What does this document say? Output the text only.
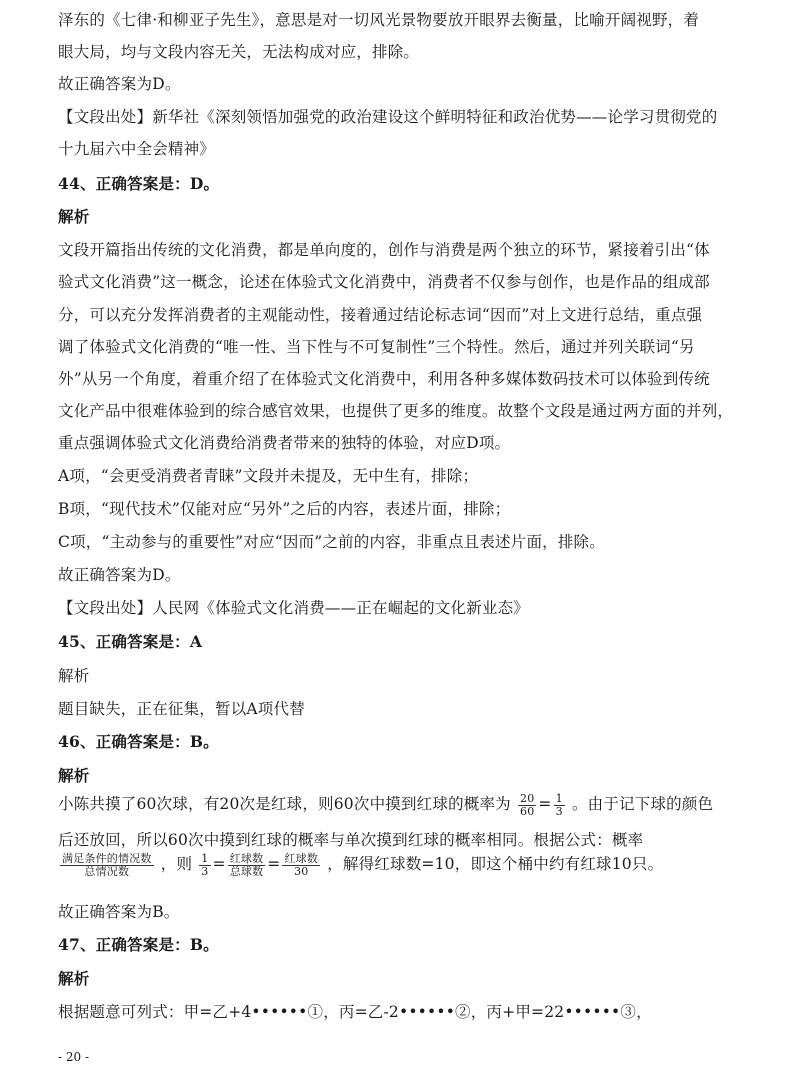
泽东的《七律·和柳亚子先生》，意思是对一切风光景物要放开眼界去衡量，比喻开阔视野，着
眼大局，均与文段内容无关，无法构成对应，排除。
故正确答案为D。
【文段出处】新华社《深刻领悟加强党的政治建设这个鲜明特征和政治优势——论学习贯彻党的
十九届六中全会精神》
44、正确答案是：D。
解析
文段开篇指出传统的文化消费，都是单向度的，创作与消费是两个独立的环节，紧接着引出“体
验式文化消费”这一概念，论述在体验式文化消费中，消费者不仅参与创作，也是作品的组成部
分，可以充分发挥消费者的主观能动性，接着通过结论标志词“因而”对上文进行总结，重点强
调了体验式文化消费的“唯一性、当下性与不可复制性”三个特性。然后，通过并列关联词“另
外”从另一个角度，着重介绍了在体验式文化消费中，利用各种多媒体数码技术可以体验到传统
文化产品中很难体验到的综合感官效果，也提供了更多的维度。故整个文段是通过两方面的并列，
重点强调体验式文化消费给消费者带来的独特的体验，对应D项。
A项，“会更受消费者青睐”文段并未提及，无中生有，排除；
B项，“现代技术”仅能对应“另外”之后的内容，表述片面，排除；
C项，“主动参与的重要性”对应“因而”之前的内容，非重点且表述片面，排除。
故正确答案为D。
【文段出处】人民网《体验式文化消费——正在崛起的文化新业态》
45、正确答案是：A
解析
题目缺失，正在征集，暂以A项代替
46、正确答案是：B。
解析
小陈共摸了60次球，有20次是红球，则60次中摸到红球的概率为 $\frac{20}{60} = \frac{1}{3}$ 。由于记下球的颜色
后还放回，所以60次中摸到红球的概率与单次摸到红球的概率相同。根据公式：概率
$\frac{\text{满足条件的情况数}}{\text{总情况数}}$ ，则 $\frac{1}{3} = \frac{\text{红球数}}{\text{总球数}} = \frac{\text{红球数}}{30}$ ，解得红球数=10，即这个桶中约有红球10只。
故正确答案为B。
47、正确答案是：B。
解析
根据题意可列式：甲=乙+4••••••①，丙=乙-2••••••②，丙+甲=22••••••③，
- 20 -
